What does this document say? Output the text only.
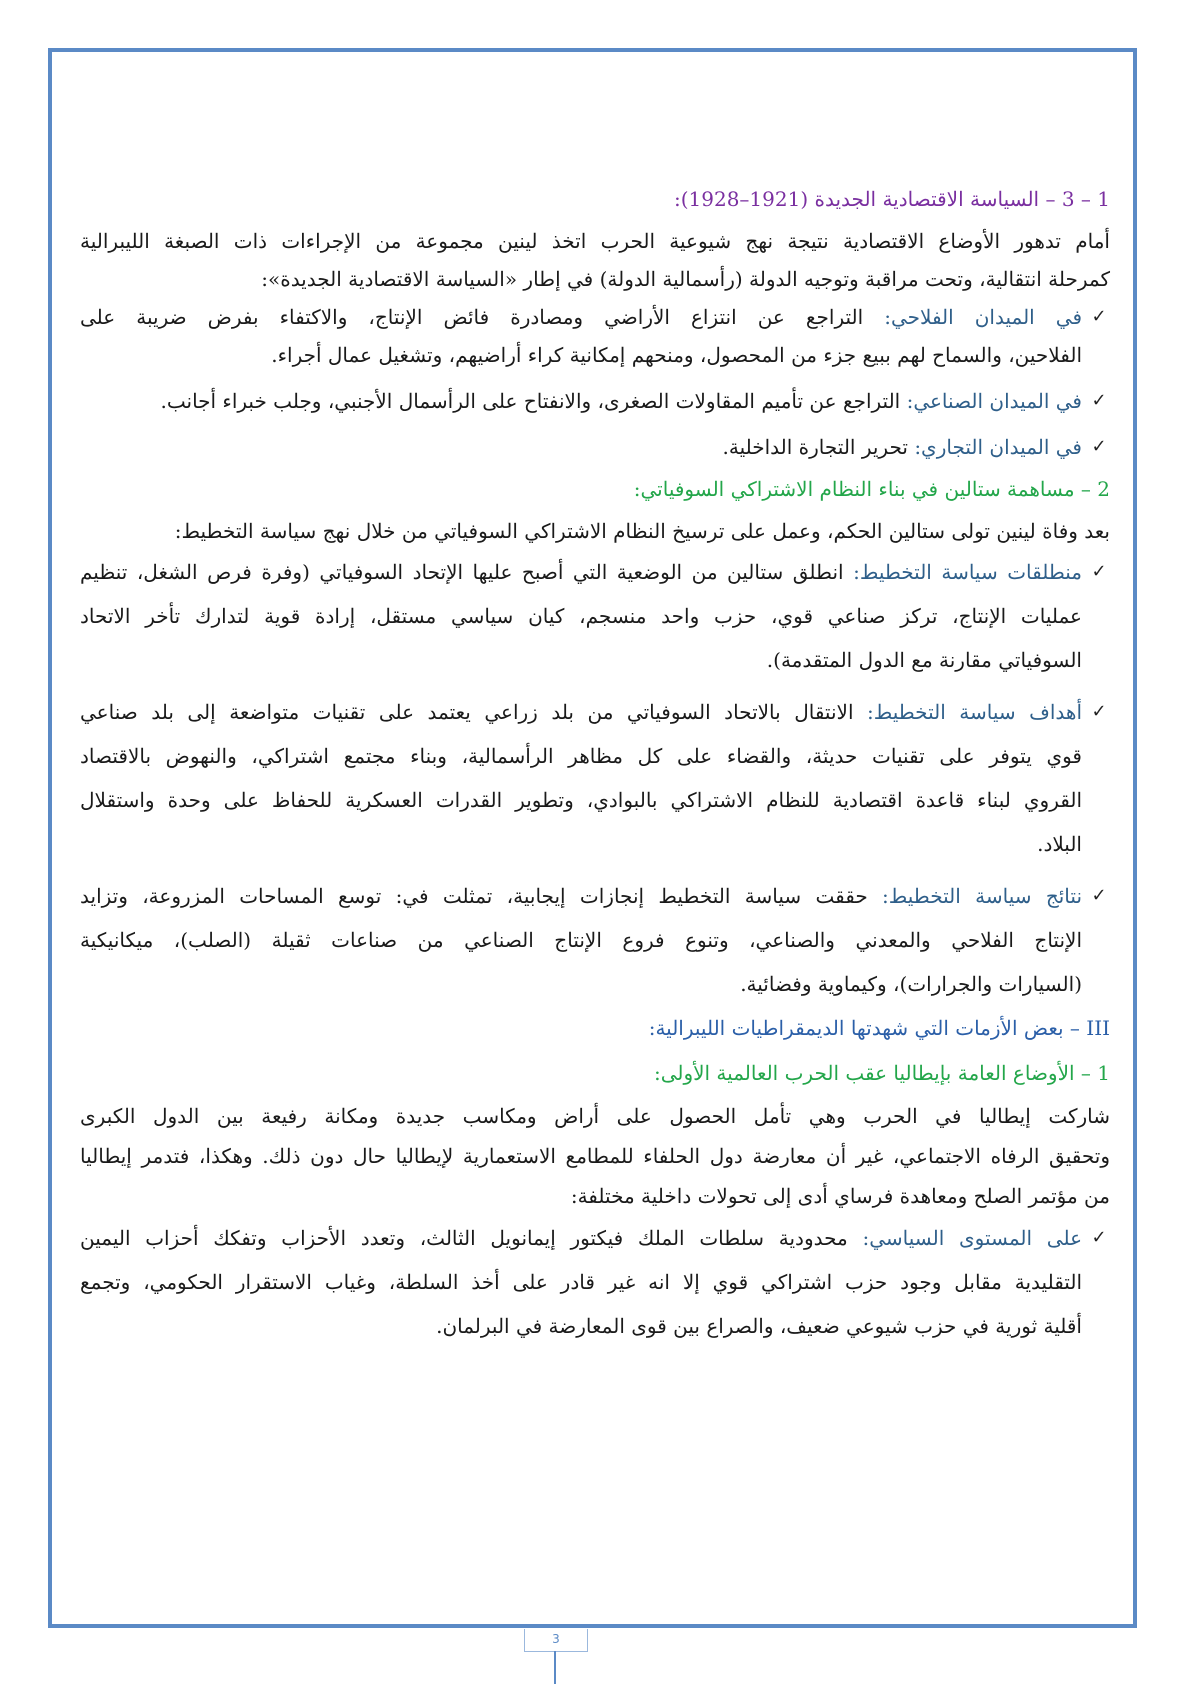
1 – 3 – السياسة الاقتصادية الجديدة (1921–1928):
أمام تدهور الأوضاع الاقتصادية نتيجة نهج شيوعية الحرب اتخذ لينين مجموعة من الإجراءات ذات الصبغة الليبرالية
كمرحلة انتقالية، وتحت مراقبة وتوجيه الدولة (رأسمالية الدولة) في إطار «السياسة الاقتصادية الجديدة»:
✓
في الميدان الفلاحي: التراجع عن انتزاع الأراضي ومصادرة فائض الإنتاج، والاكتفاء بفرض ضريبة على
الفلاحين، والسماح لهم ببيع جزء من المحصول، ومنحهم إمكانية كراء أراضيهم، وتشغيل عمال أجراء.
✓
في الميدان الصناعي: التراجع عن تأميم المقاولات الصغرى، والانفتاح على الرأسمال الأجنبي، وجلب خبراء أجانب.
✓
في الميدان التجاري: تحرير التجارة الداخلية.
2 – مساهمة ستالين في بناء النظام الاشتراكي السوفياتي:
بعد وفاة لينين تولى ستالين الحكم، وعمل على ترسيخ النظام الاشتراكي السوفياتي من خلال نهج سياسة التخطيط:
✓
منطلقات سياسة التخطيط: انطلق ستالين من الوضعية التي أصبح عليها الإتحاد السوفياتي (وفرة فرص الشغل، تنظيم
عمليات الإنتاج، تركز صناعي قوي، حزب واحد منسجم، كيان سياسي مستقل، إرادة قوية لتدارك تأخر الاتحاد
السوفياتي مقارنة مع الدول المتقدمة).
✓
أهداف سياسة التخطيط: الانتقال بالاتحاد السوفياتي من بلد زراعي يعتمد على تقنيات متواضعة إلى بلد صناعي
قوي يتوفر على تقنيات حديثة، والقضاء على كل مظاهر الرأسمالية، وبناء مجتمع اشتراكي، والنهوض بالاقتصاد
القروي لبناء قاعدة اقتصادية للنظام الاشتراكي بالبوادي، وتطوير القدرات العسكرية للحفاظ على وحدة واستقلال
البلاد.
✓
نتائج سياسة التخطيط: حققت سياسة التخطيط إنجازات إيجابية، تمثلت في: توسع المساحات المزروعة، وتزايد
الإنتاج الفلاحي والمعدني والصناعي، وتنوع فروع الإنتاج الصناعي من صناعات ثقيلة (الصلب)، ميكانيكية
(السيارات والجرارات)، وكيماوية وفضائية.
III – بعض الأزمات التي شهدتها الديمقراطيات الليبرالية:
1 – الأوضاع العامة بإيطاليا عقب الحرب العالمية الأولى:
شاركت إيطاليا في الحرب وهي تأمل الحصول على أراض ومكاسب جديدة ومكانة رفيعة بين الدول الكبرى
وتحقيق الرفاه الاجتماعي، غير أن معارضة دول الحلفاء للمطامع الاستعمارية لإيطاليا حال دون ذلك. وهكذا، فتدمر إيطاليا
من مؤتمر الصلح ومعاهدة فرساي أدى إلى تحولات داخلية مختلفة:
✓
على المستوى السياسي: محدودية سلطات الملك فيكتور إيمانويل الثالث، وتعدد الأحزاب وتفكك أحزاب اليمين
التقليدية مقابل وجود حزب اشتراكي قوي إلا انه غير قادر على أخذ السلطة، وغياب الاستقرار الحكومي، وتجمع
أقلية ثورية في حزب شيوعي ضعيف، والصراع بين قوى المعارضة في البرلمان.
3
